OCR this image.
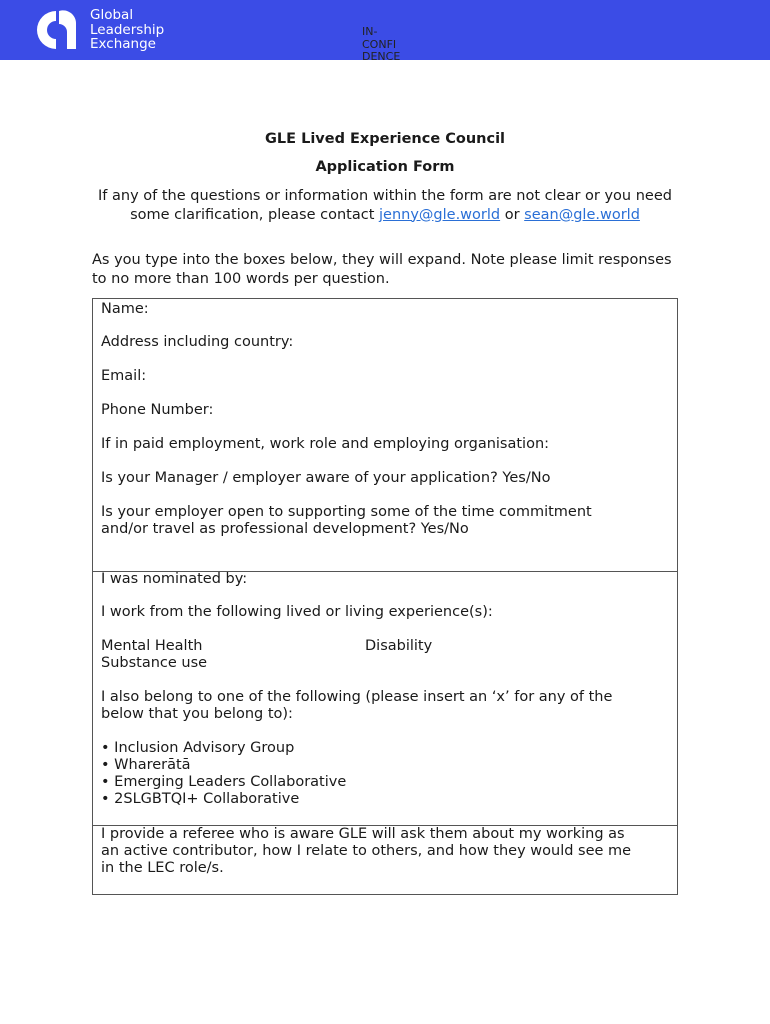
Global
Leadership
Exchange
IN-
CONFI
DENCE
GLE Lived Experience Council
Application Form
If any of the questions or information within the form are not clear or you need some clarification, please contact jenny@gle.world or sean@gle.world
As you type into the boxes below, they will expand. Note please limit responses to no more than 100 words per question.
Name:
Address including country:
Email:
Phone Number:
If in paid employment, work role and employing organisation:
Is your Manager / employer aware of your application? Yes/No
Is your employer open to supporting some of the time commitment
and/or travel as professional development? Yes/No
I was nominated by:
I work from the following lived or living experience(s):
Mental Health	Disability
Substance use
I also belong to one of the following (please insert an ‘x’ for any of the
below that you belong to):
• Inclusion Advisory Group
• Wharerātā
• Emerging Leaders Collaborative
• 2SLGBTQI+ Collaborative
I provide a referee who is aware GLE will ask them about my working as
an active contributor, how I relate to others, and how they would see me
in the LEC role/s.
